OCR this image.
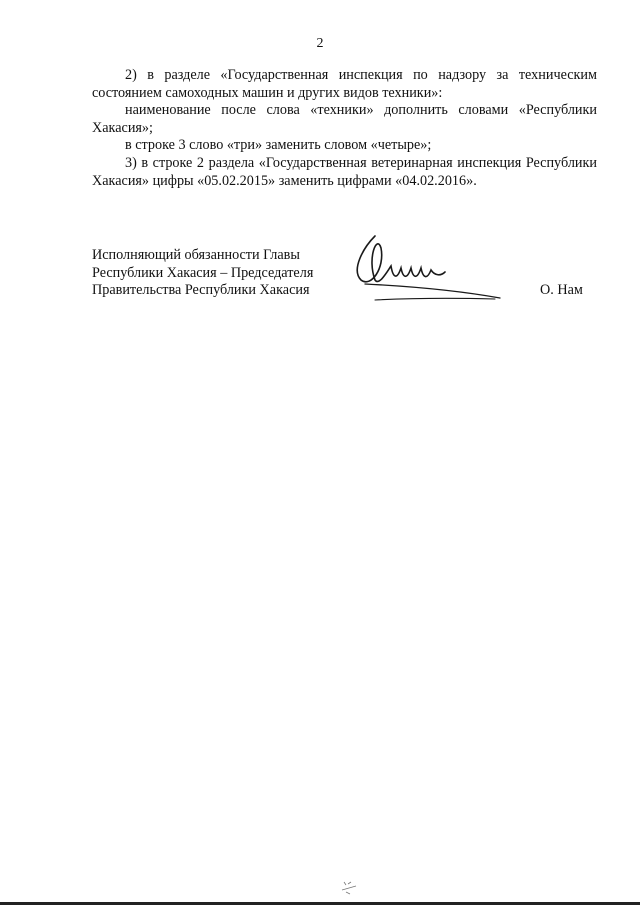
2

2) в разделе «Государственная инспекция по надзору за техническим состоянием самоходных машин и других видов техники»:

наименование после слова «техники» дополнить словами «Республики Хакасия»;

в строке 3 слово «три» заменить словом «четыре»;

3) в строке 2 раздела «Государственная ветеринарная инспекция Республики Хакасия» цифры «05.02.2015» заменить цифрами «04.02.2016».

Исполняющий обязанности Главы
Республики Хакасия – Председателя
Правительства Республики Хакасия	О. Нам
